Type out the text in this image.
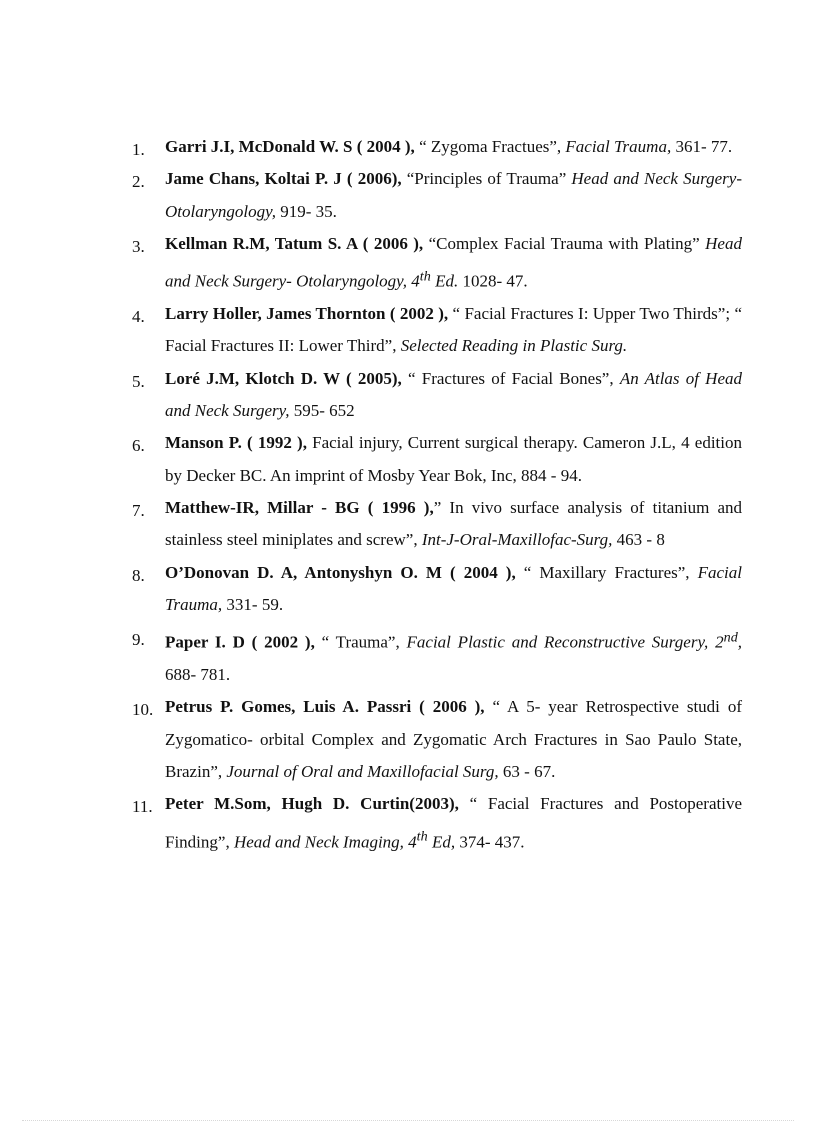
1.	Garri J.I, McDonald W. S ( 2004 ), “ Zygoma Fractues”, Facial Trauma, 361- 77.
2.	Jame Chans, Koltai P. J ( 2006), “Principles of Trauma” Head and Neck Surgery- Otolaryngology, 919- 35.
3.	Kellman R.M, Tatum S. A ( 2006 ), “Complex Facial Trauma with Plating” Head and Neck Surgery- Otolaryngology, 4th Ed. 1028- 47.
4.	Larry Holler, James Thornton ( 2002 ), “ Facial Fractures I: Upper Two Thirds”; “ Facial Fractures II: Lower Third”, Selected Reading in Plastic Surg.
5.	Loré J.M, Klotch D. W ( 2005), “ Fractures of Facial Bones”, An Atlas of Head and Neck Surgery, 595- 652
6.	Manson P. ( 1992 ), Facial injury, Current surgical therapy. Cameron J.L, 4 edition by Decker BC. An imprint of Mosby Year Bok, Inc, 884 - 94.
7.	Matthew-IR, Millar - BG ( 1996 ),” In vivo surface analysis of titanium and stainless steel miniplates and screw”, Int-J-Oral-Maxillofac-Surg, 463 - 8
8.	O’Donovan D. A, Antonyshyn O. M ( 2004 ), “ Maxillary Fractures”, Facial Trauma, 331- 59.
9.	Paper I. D ( 2002 ), “ Trauma”, Facial Plastic and Reconstructive Surgery, 2nd, 688- 781.
10. Petrus P. Gomes, Luis A. Passri ( 2006 ), “ A 5- year Retrospective studi of Zygomatico- orbital Complex and Zygomatic Arch Fractures in Sao Paulo State, Brazin”, Journal of Oral and Maxillofacial Surg, 63 - 67.
11. Peter M.Som, Hugh D. Curtin(2003), “ Facial Fractures and Postoperative Finding”, Head and Neck Imaging, 4th Ed, 374- 437.
